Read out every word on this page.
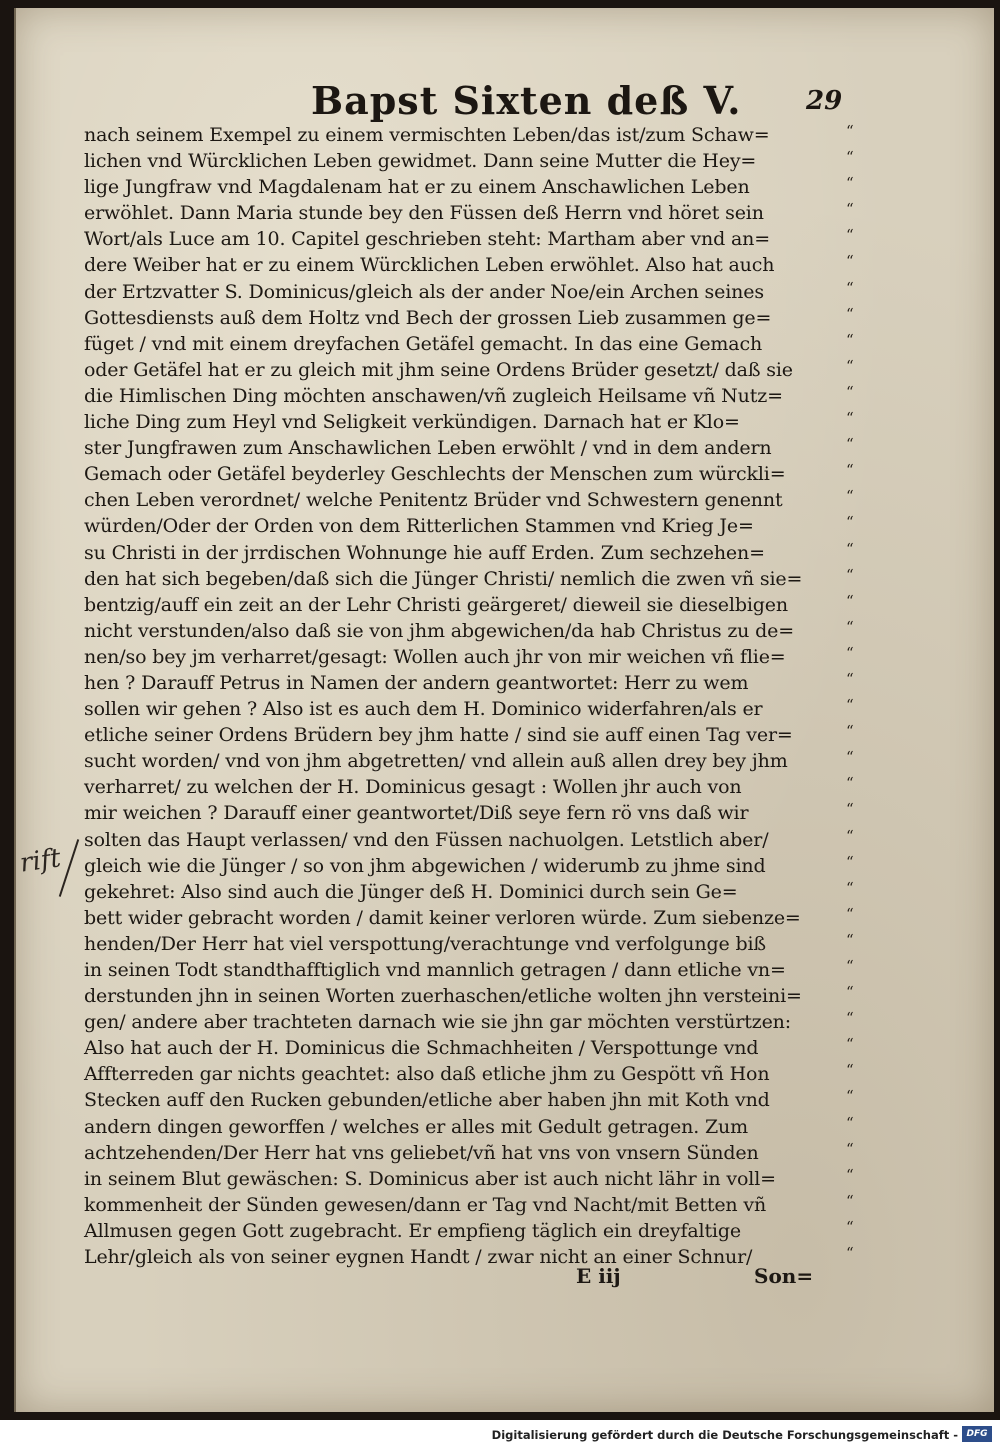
Bapst Sixten deß V. 29
nach seinem Exempel zu einem vermischten Leben/das ist/zum Schaw=
lichen vnd Würcklichen Leben gewidmet. Dann seine Mutter die Hey=
lige Jungfraw vnd Magdalenam hat er zu einem Anschawlichen Leben
erwöhlet. Dann Maria stunde bey den Füssen deß Herrn vnd höret sein
Wort/als Luce am 10. Capitel geschrieben steht: Martham aber vnd an=
dere Weiber hat er zu einem Würcklichen Leben erwöhlet. Also hat auch
der Ertzvatter S. Dominicus/gleich als der ander Noe/ein Archen seines
Gottesdiensts auß dem Holtz vnd Bech der grossen Lieb zusammen ge=
füget / vnd mit einem dreyfachen Getäfel gemacht. In das eine Gemach
oder Getäfel hat er zu gleich mit jhm seine Ordens Brüder gesetzt/ daß sie
die Himlischen Ding möchten anschawen/vñ zugleich Heilsame vñ Nutz=
liche Ding zum Heyl vnd Seligkeit verkündigen. Darnach hat er Klo=
ster Jungfrawen zum Anschawlichen Leben erwöhlt / vnd in dem andern
Gemach oder Getäfel beyderley Geschlechts der Menschen zum würckli=
chen Leben verordnet/ welche Penitentz Brüder vnd Schwestern genennt
würden/Oder der Orden von dem Ritterlichen Stammen vnd Krieg Je=
su Christi in der jrrdischen Wohnunge hie auff Erden. Zum sechzehen=
den hat sich begeben/daß sich die Jünger Christi/ nemlich die zwen vñ sie=
bentzig/auff ein zeit an der Lehr Christi geärgeret/ dieweil sie dieselbigen
nicht verstunden/also daß sie von jhm abgewichen/da hab Christus zu de=
nen/so bey jm verharret/gesagt: Wollen auch jhr von mir weichen vñ flie=
hen ? Darauff Petrus in Namen der andern geantwortet: Herr zu wem
sollen wir gehen ? Also ist es auch dem H. Dominico widerfahren/als er
etliche seiner Ordens Brüdern bey jhm hatte / sind sie auff einen Tag ver=
sucht worden/ vnd von jhm abgetretten/ vnd allein auß allen drey bey jhm
verharret/ zu welchen der H. Dominicus gesagt : Wollen jhr auch von
mir weichen ? Darauff einer geantwortet/Diß seye fern rö vns daß wir
solten das Haupt verlassen/ vnd den Füssen nachuolgen. Letstlich aber/
gleich wie die Jünger / so von jhm abgewichen / widerumb zu jhme sind
gekehret: Also sind auch die Jünger deß H. Dominici durch sein Ge=
bett wider gebracht worden / damit keiner verloren würde. Zum siebenze=
henden/Der Herr hat viel verspottung/verachtunge vnd verfolgunge biß
in seinen Todt standthafftiglich vnd mannlich getragen / dann etliche vn=
derstunden jhn in seinen Worten zuerhaschen/etliche wolten jhn versteini=
gen/ andere aber trachteten darnach wie sie jhn gar möchten verstürtzen:
Also hat auch der H. Dominicus die Schmachheiten / Verspottunge vnd
Affterreden gar nichts geachtet: also daß etliche jhm zu Gespött vñ Hon
Stecken auff den Rucken gebunden/etliche aber haben jhn mit Koth vnd
andern dingen geworffen / welches er alles mit Gedult getragen. Zum
achtzehenden/Der Herr hat vns geliebet/vñ hat vns von vnsern Sünden
in seinem Blut gewäschen: S. Dominicus aber ist auch nicht lähr in voll=
kommenheit der Sünden gewesen/dann er Tag vnd Nacht/mit Betten vñ
Allmusen gegen Gott zugebracht. Er empfieng täglich ein dreyfaltige
Lehr/gleich als von seiner eygnen Handt / zwar nicht an einer Schnur/
“
“
“
“
“
“
“
“
“
“
“
“
“
“
“
“
“
“
“
“
“
“
“
“
“
“
“
“
“
“
“
“
“
“
“
“
“
“
“
“
“
“
“
“
rift
E iij	Son=
Digitalisierung gefördert durch die Deutsche Forschungsgemeinschaft - DFG
